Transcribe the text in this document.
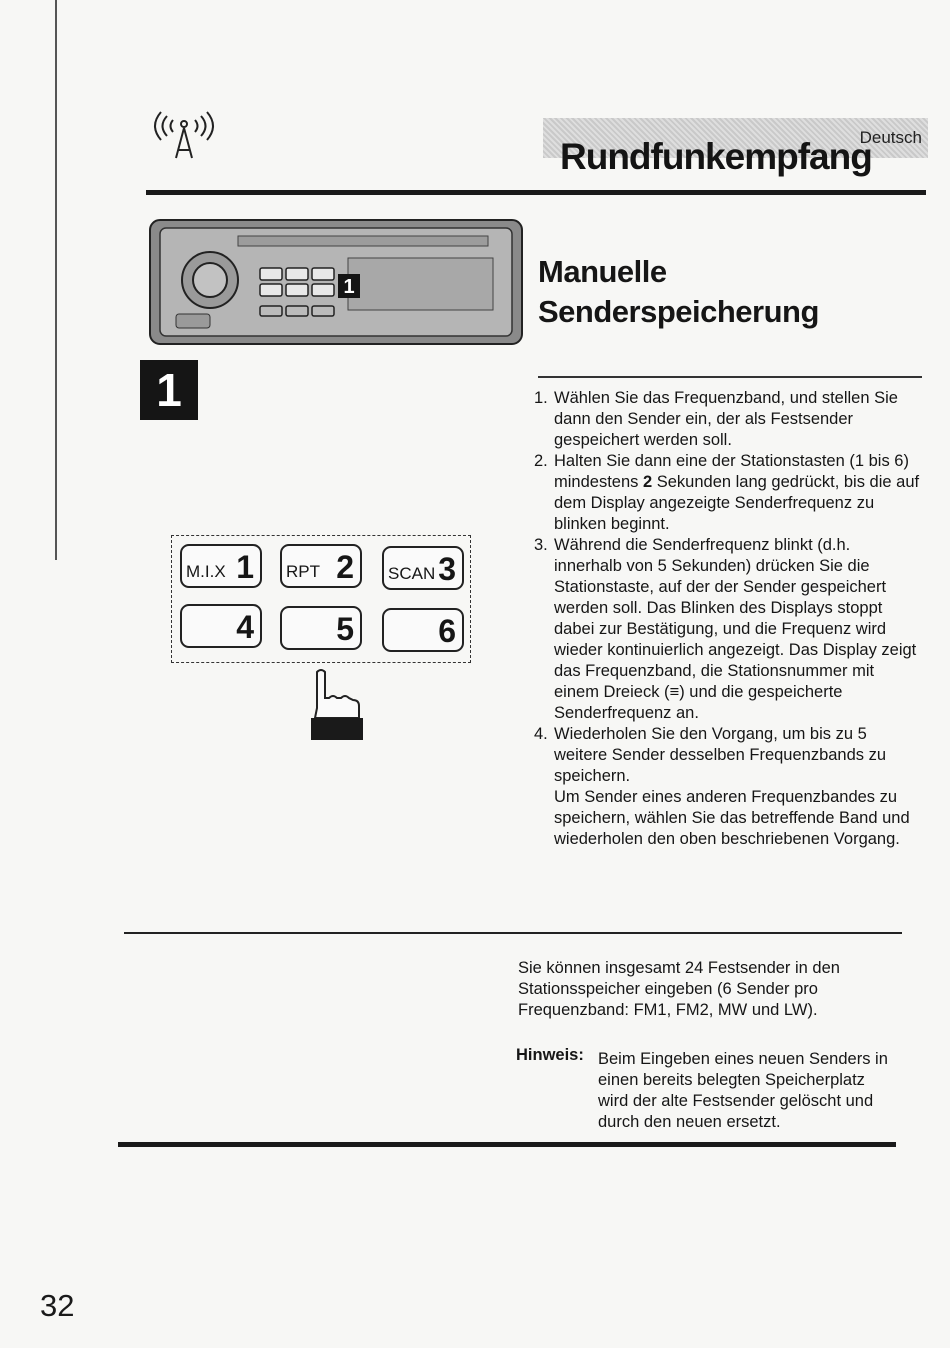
Deutsch
Rundfunkempfang
1	Manuelle
Senderspeicherung
1
M.I.X 1 RPT 2 SCAN 3
4	5	6
1. Wählen Sie das Frequenzband, und stellen Sie dann den Sender ein, der als Festsender gespeichert werden soll.
2. Halten Sie dann eine der Stationstasten (1 bis 6) mindestens 2 Sekunden lang gedrückt, bis die auf dem Display angezeigte Senderfrequenz zu blinken beginnt.
3. Während die Senderfrequenz blinkt (d.h. innerhalb von 5 Sekunden) drücken Sie die Stationstaste, auf der der Sender gespeichert werden soll. Das Blinken des Displays stoppt dabei zur Bestätigung, und die Frequenz wird wieder kontinuierlich angezeigt. Das Display zeigt das Frequenzband, die Stationsnummer mit einem Dreieck (≡) und die gespeicherte Senderfrequenz an.
4. Wiederholen Sie den Vorgang, um bis zu 5 weitere Sender desselben Frequenzbands zu speichern.
Um Sender eines anderen Frequenzbandes zu speichern, wählen Sie das betreffende Band und wiederholen den oben beschriebenen Vorgang.
Sie können insgesamt 24 Festsender in den Stationsspeicher eingeben (6 Sender pro Frequenzband: FM1, FM2, MW und LW).
Hinweis: Beim Eingeben eines neuen Senders in einen bereits belegten Speicherplatz wird der alte Festsender gelöscht und durch den neuen ersetzt.
32
